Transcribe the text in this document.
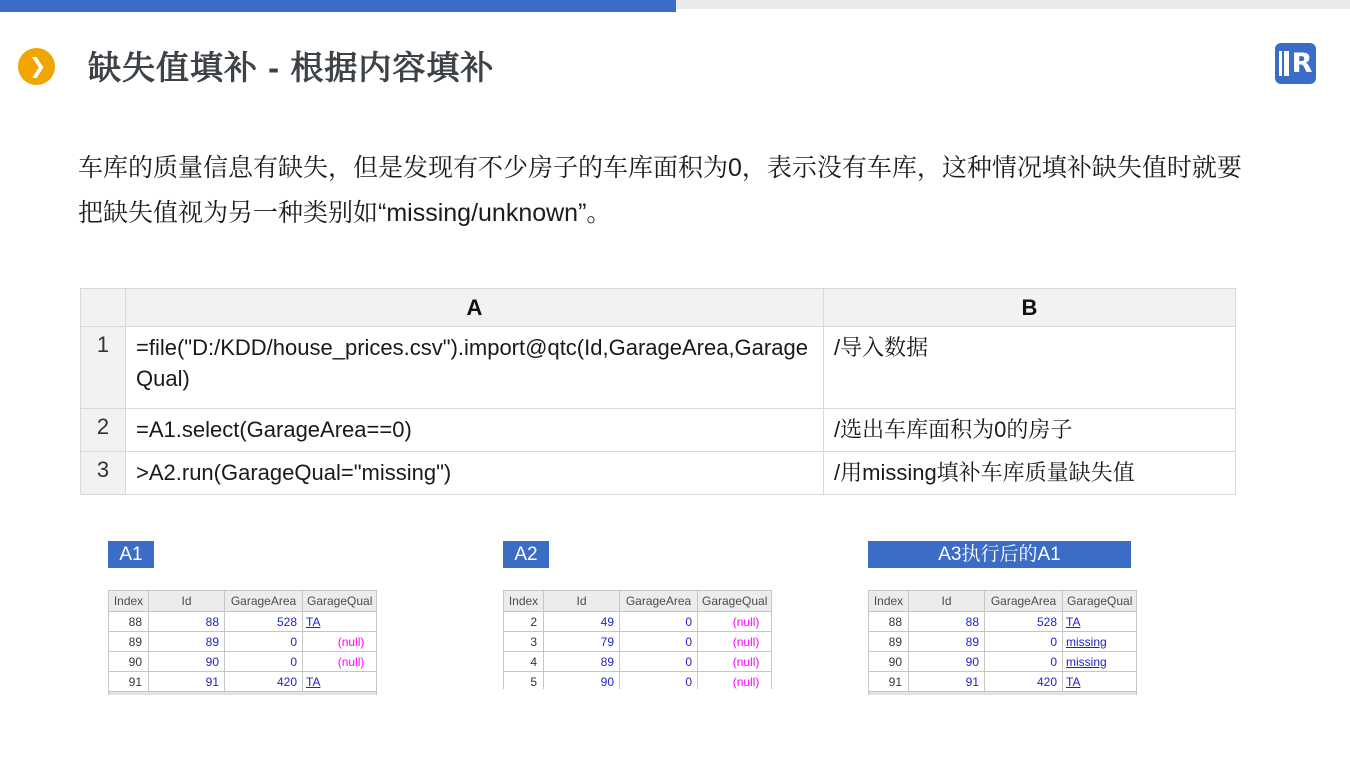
R
❯ 缺失值填补 - 根据内容填补

车库的质量信息有缺失，但是发现有不少房子的车库面积为0，表示没有车库，这种情况填补缺失值时就要把缺失值视为另一种类别如“missing/unknown”。

	A	B
1	=file("D:/KDD/house_prices.csv").import@qtc(Id,GarageArea,GarageQual)	/导入数据
2	=A1.select(GarageArea==0)	/选出车库面积为0的房子
3	>A2.run(GarageQual="missing")	/用missing填补车库质量缺失值
A1
Index	Id	GarageArea	GarageQual
88	88	528	TA
89	89	0	(null)
90	90	0	(null)
91	91	420	TA

A2
Index	Id	GarageArea	GarageQual
2	49	0	(null)
3	79	0	(null)
4	89	0	(null)
5	90	0	(null)
A3执行后的A1
Index	Id	GarageArea	GarageQual
88	88	528	TA
89	89	0	missing
90	90	0	missing
91	91	420	TA
